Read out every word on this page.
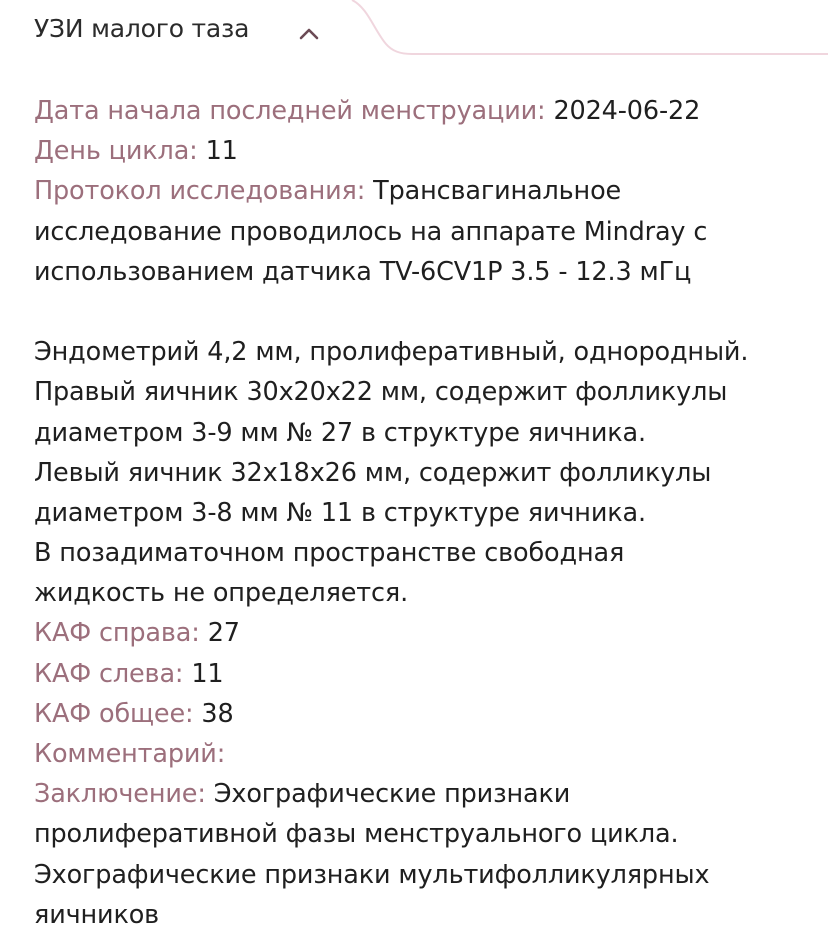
УЗИ малого таза
Дата начала последней менструации: 2024-06-22
День цикла: 11
Протокол исследования: Трансвагинальное
исследование проводилось на аппарате Mindray с
использованием датчика TV-6CV1P 3.5 - 12.3 мГц
Эндометрий 4,2 мм, пролиферативный, однородный.
Правый яичник 30х20х22 мм, содержит фолликулы
диаметром 3-9 мм № 27 в структуре яичника.
Левый яичник 32х18х26 мм, содержит фолликулы
диаметром 3-8 мм № 11 в структуре яичника.
В позадиматочном пространстве свободная
жидкость не определяется.
КАФ справа: 27
КАФ слева: 11
КАФ общее: 38
Комментарий:
Заключение: Эхографические признаки
пролиферативной фазы менструального цикла.
Эхографические признаки мультифолликулярных
яичников
